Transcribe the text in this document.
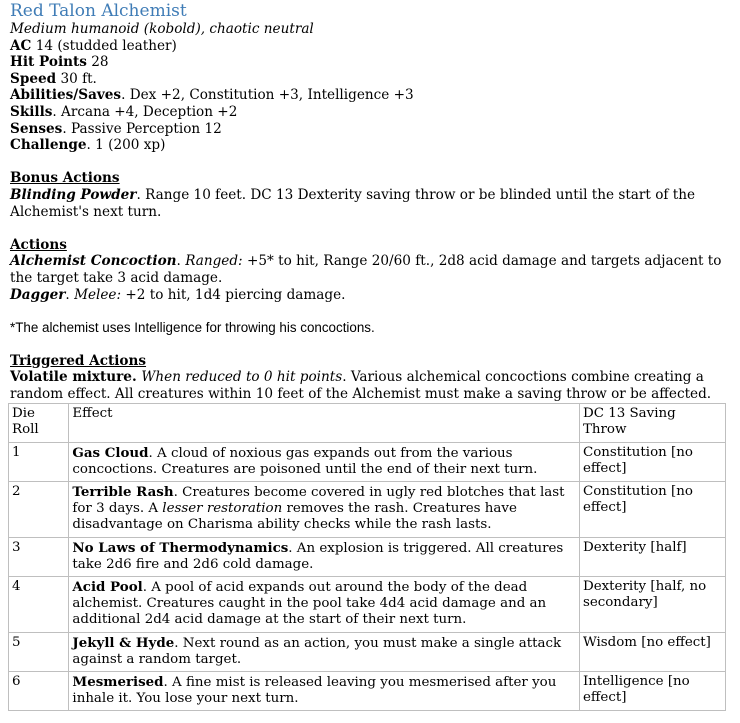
Red Talon Alchemist
Medium humanoid (kobold), chaotic neutral
AC 14 (studded leather)
Hit Points 28
Speed 30 ft.
Abilities/Saves. Dex +2, Constitution +3, Intelligence +3
Skills. Arcana +4, Deception +2
Senses. Passive Perception 12
Challenge. 1 (200 xp)
Bonus Actions
Blinding Powder. Range 10 feet. DC 13 Dexterity saving throw or be blinded until the start of the Alchemist's next turn.
Actions
Alchemist Concoction. Ranged: +5* to hit, Range 20/60 ft., 2d8 acid damage and targets adjacent to the target take 3 acid damage.
Dagger. Melee: +2 to hit, 1d4 piercing damage.
*The alchemist uses Intelligence for throwing his concoctions.
Triggered Actions
Volatile mixture. When reduced to 0 hit points. Various alchemical concoctions combine creating a random effect. All creatures within 10 feet of the Alchemist must make a saving throw or be affected.
Die Roll	Effect	DC 13 Saving Throw
1	Gas Cloud. A cloud of noxious gas expands out from the various concoctions. Creatures are poisoned until the end of their next turn.	Constitution [no effect]
2	Terrible Rash. Creatures become covered in ugly red blotches that last for 3 days. A lesser restoration removes the rash. Creatures have disadvantage on Charisma ability checks while the rash lasts.	Constitution [no effect]
3	No Laws of Thermodynamics. An explosion is triggered. All creatures take 2d6 fire and 2d6 cold damage.	Dexterity [half]
4	Acid Pool. A pool of acid expands out around the body of the dead alchemist. Creatures caught in the pool take 4d4 acid damage and an additional 2d4 acid damage at the start of their next turn.	Dexterity [half, no secondary]
5	Jekyll & Hyde. Next round as an action, you must make a single attack against a random target.	Wisdom [no effect]
6	Mesmerised. A fine mist is released leaving you mesmerised after you inhale it. You lose your next turn.	Intelligence [no effect]
